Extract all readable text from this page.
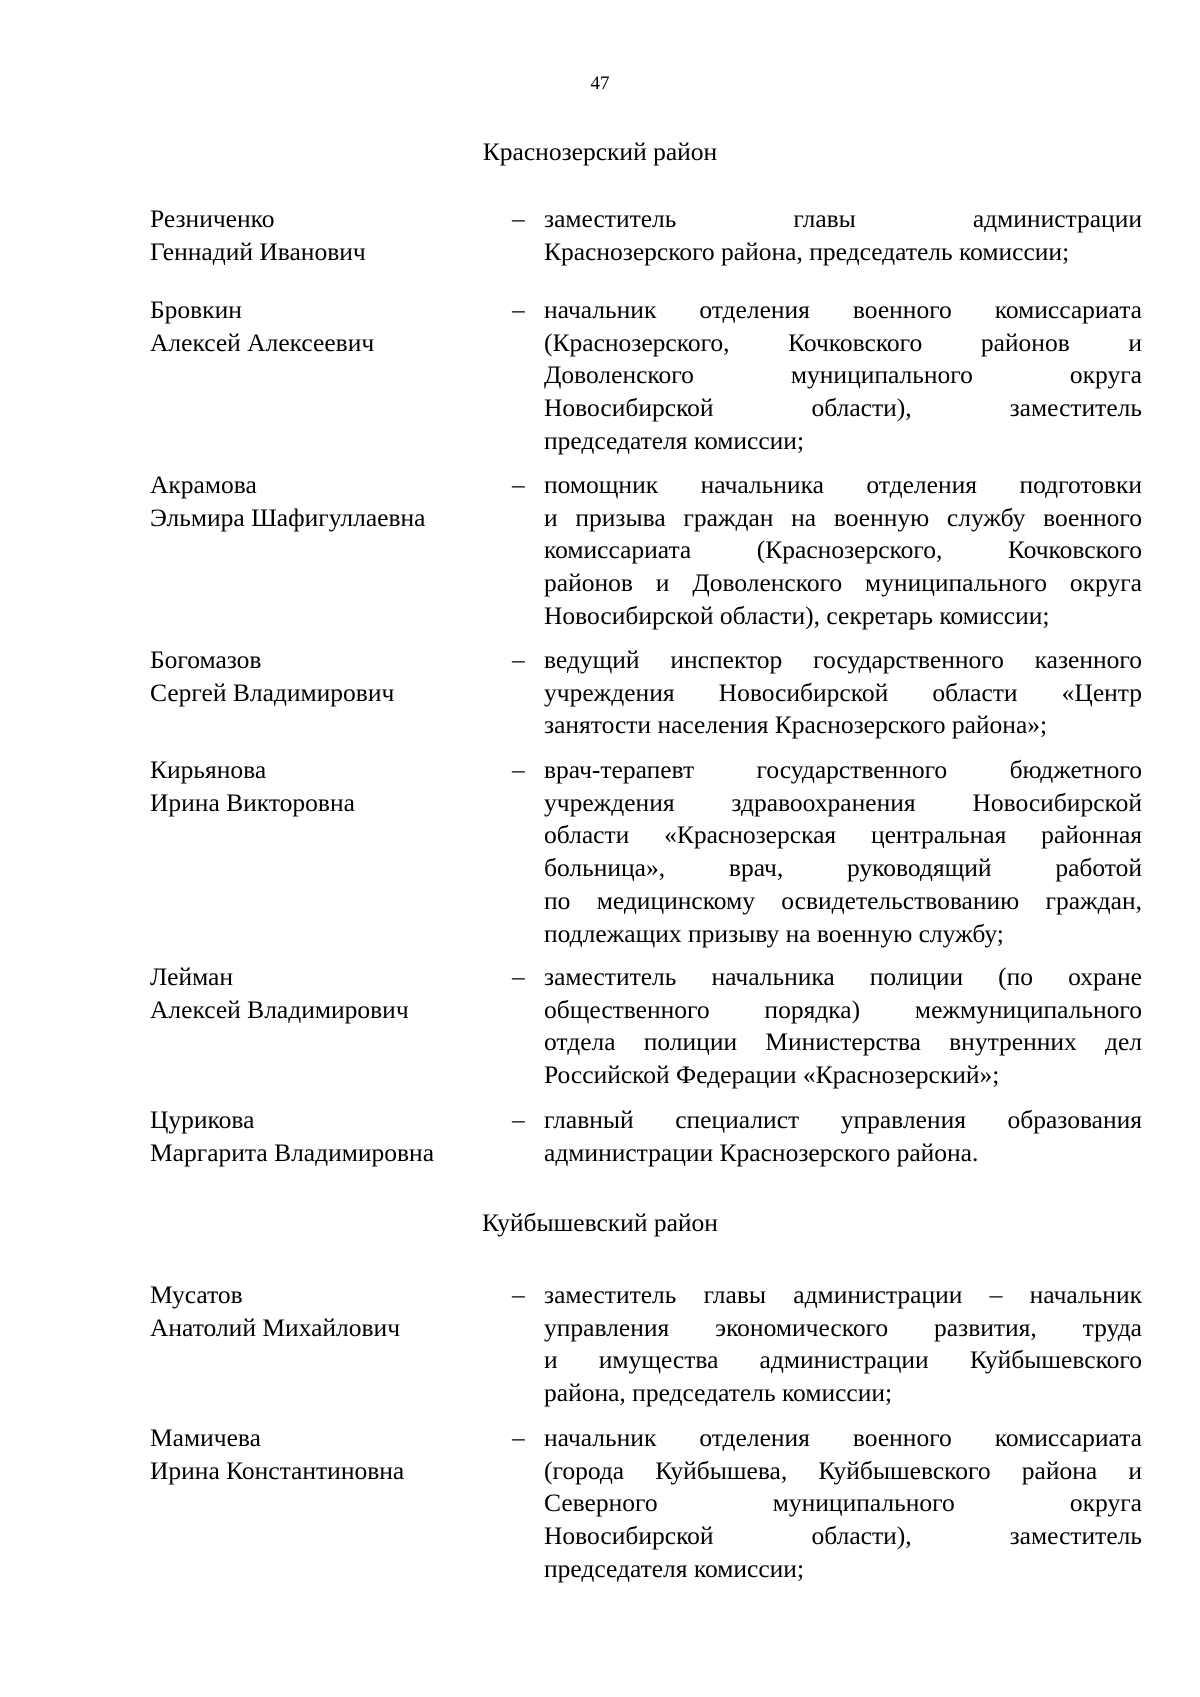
47
Краснозерский район
Резниченко
Геннадий Иванович
– заместитель главы администрации
Краснозерского района, председатель комиссии;
Бровкин
Алексей Алексеевич
– начальник отделения военного комиссариата
(Краснозерского, Кочковского районов и
Доволенского муниципального округа
Новосибирской области), заместитель
председателя комиссии;
Акрамова
Эльмира Шафигуллаевна
– помощник начальника отделения подготовки
и призыва граждан на военную службу военного
комиссариата (Краснозерского, Кочковского
районов и Доволенского муниципального округа
Новосибирской области), секретарь комиссии;
Богомазов
Сергей Владимирович
– ведущий инспектор государственного казенного
учреждения Новосибирской области «Центр
занятости населения Краснозерского района»;
Кирьянова
Ирина Викторовна
– врач-терапевт государственного бюджетного
учреждения здравоохранения Новосибирской
области «Краснозерская центральная районная
больница», врач, руководящий работой
по медицинскому освидетельствованию граждан,
подлежащих призыву на военную службу;
Лейман
Алексей Владимирович
– заместитель начальника полиции (по охране
общественного порядка) межмуниципального
отдела полиции Министерства внутренних дел
Российской Федерации «Краснозерский»;
Цурикова
Маргарита Владимировна
– главный специалист управления образования
администрации Краснозерского района.
Куйбышевский район
Мусатов
Анатолий Михайлович
– заместитель главы администрации – начальник
управления экономического развития, труда
и имущества администрации Куйбышевского
района, председатель комиссии;
Мамичева
Ирина Константиновна
– начальник отделения военного комиссариата
(города Куйбышева, Куйбышевского района и
Северного муниципального округа
Новосибирской области), заместитель
председателя комиссии;
